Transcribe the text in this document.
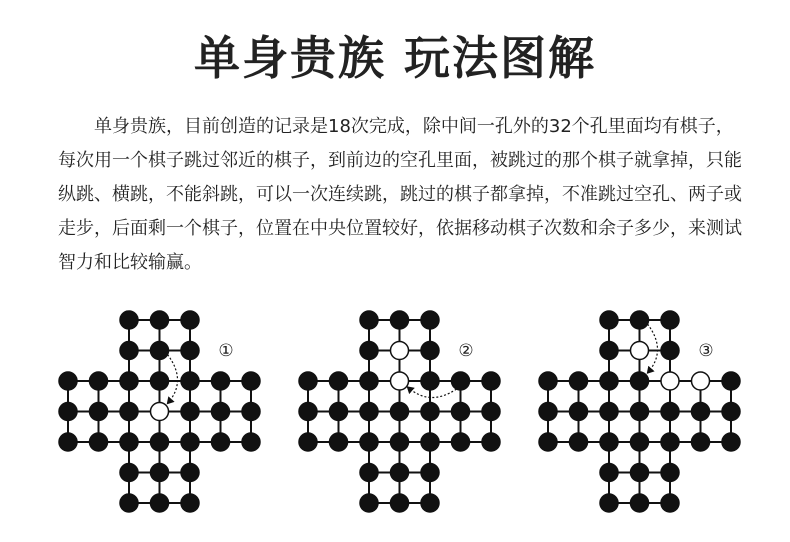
单身贵族 玩法图解

单身贵族，目前创造的记录是18次完成，除中间一孔外的32个孔里面均有棋子，每次用一个棋子跳过邻近的棋子，到前边的空孔里面，被跳过的那个棋子就拿掉，只能纵跳、横跳，不能斜跳，可以一次连续跳，跳过的棋子都拿掉，不准跳过空孔、两子或走步，后面剩一个棋子，位置在中央位置较好，依据移动棋子次数和余子多少，来测试智力和比较输赢。

①	②	③
